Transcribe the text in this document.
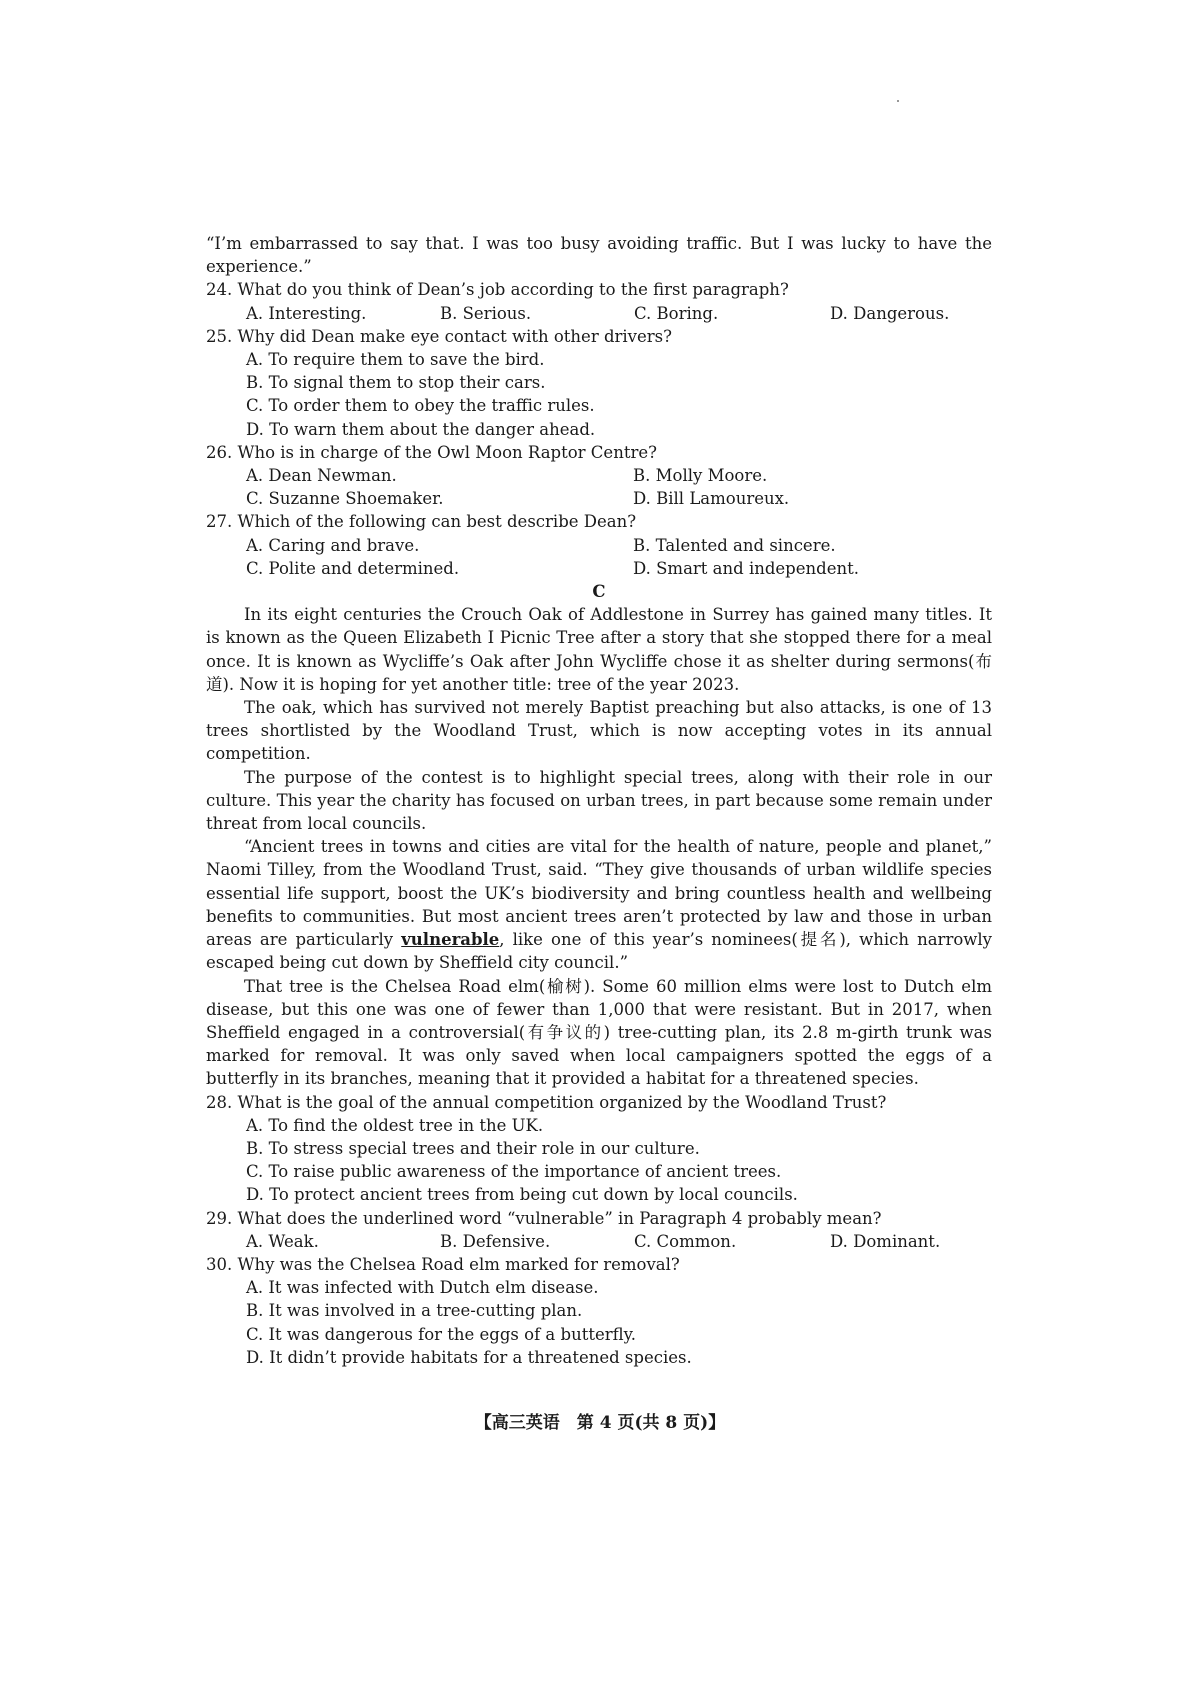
“I’m embarrassed to say that. I was too busy avoiding traffic. But I was lucky to have the experience.”

24. What do you think of Dean’s job according to the first paragraph?

A. Interesting.	B. Serious.	C. Boring.	D. Dangerous.

25. Why did Dean make eye contact with other drivers?

A. To require them to save the bird.

B. To signal them to stop their cars.

C. To order them to obey the traffic rules.

D. To warn them about the danger ahead.

26. Who is in charge of the Owl Moon Raptor Centre?

A. Dean Newman.	B. Molly Moore.
C. Suzanne Shoemaker.	D. Bill Lamoureux.

27. Which of the following can best describe Dean?

A. Caring and brave.	B. Talented and sincere.
C. Polite and determined.	D. Smart and independent.

C

In its eight centuries the Crouch Oak of Addlestone in Surrey has gained many titles. It is known as the Queen Elizabeth I Picnic Tree after a story that she stopped there for a meal once. It is known as Wycliffe’s Oak after John Wycliffe chose it as shelter during sermons(布道). Now it is hoping for yet another title: tree of the year 2023.

The oak, which has survived not merely Baptist preaching but also attacks, is one of 13 trees shortlisted by the Woodland Trust, which is now accepting votes in its annual competition.

The purpose of the contest is to highlight special trees, along with their role in our culture. This year the charity has focused on urban trees, in part because some remain under threat from local councils.

“Ancient trees in towns and cities are vital for the health of nature, people and planet,” Naomi Tilley, from the Woodland Trust, said. “They give thousands of urban wildlife species essential life support, boost the UK’s biodiversity and bring countless health and wellbeing benefits to communities. But most ancient trees aren’t protected by law and those in urban areas are particularly vulnerable, like one of this year’s nominees(提名), which narrowly escaped being cut down by Sheffield city council.”

That tree is the Chelsea Road elm(榆树). Some 60 million elms were lost to Dutch elm disease, but this one was one of fewer than 1,000 that were resistant. But in 2017, when Sheffield engaged in a controversial(有争议的) tree-cutting plan, its 2.8 m-girth trunk was marked for removal. It was only saved when local campaigners spotted the eggs of a butterfly in its branches, meaning that it provided a habitat for a threatened species.

28. What is the goal of the annual competition organized by the Woodland Trust?

A. To find the oldest tree in the UK.

B. To stress special trees and their role in our culture.

C. To raise public awareness of the importance of ancient trees.

D. To protect ancient trees from being cut down by local councils.

29. What does the underlined word “vulnerable” in Paragraph 4 probably mean?

A. Weak.	B. Defensive.	C. Common.	D. Dominant.

30. Why was the Chelsea Road elm marked for removal?

A. It was infected with Dutch elm disease.

B. It was involved in a tree-cutting plan.

C. It was dangerous for the eggs of a butterfly.

D. It didn’t provide habitats for a threatened species.

【高三英语　第 4 页(共 8 页)】
